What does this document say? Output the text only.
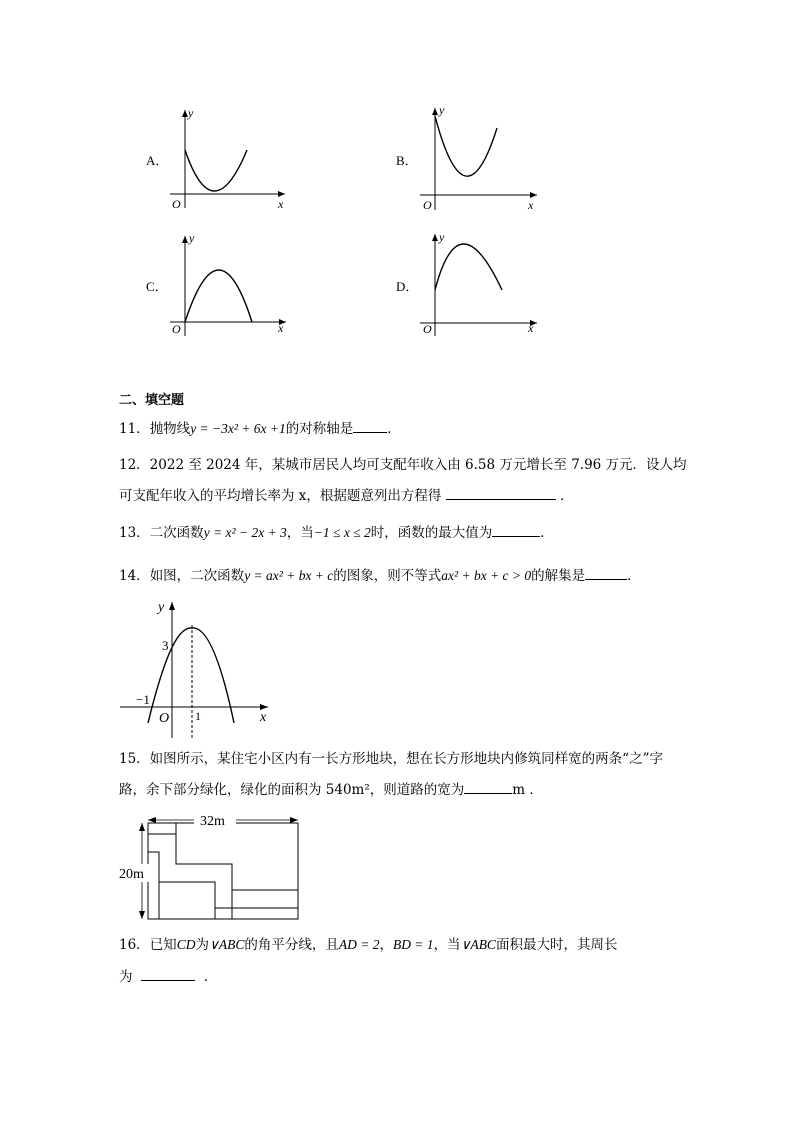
A．
y
x
O
B．
y
x
O
C．
y
x
O
D．
y
x
O
二、填空题
11．抛物线y = −3x² + 6x +1的对称轴是	．
12．2022 至 2024 年，某城市居民人均可支配年收入由 6.58 万元增长至 7.96 万元．设人均
可支配年收入的平均增长率为 x，根据题意列出方程得	．
13．二次函数y = x² − 2x + 3，当−1 ≤ x ≤ 2时，函数的最大值为	．
14．如图，二次函数y = ax² + bx + c的图象，则不等式ax² + bx + c > 0的解集是	．
y
x
O
3
−1
1
15．如图所示，某住宅小区内有一长方形地块，想在长方形地块内修筑同样宽的两条“之”字
路，余下部分绿化，绿化的面积为 540m²，则道路的宽为	m ．
32m
20m
16．已知CD为∨ABC的角平分线，且AD = 2，BD = 1，当∨ABC面积最大时，其周长
为	．
